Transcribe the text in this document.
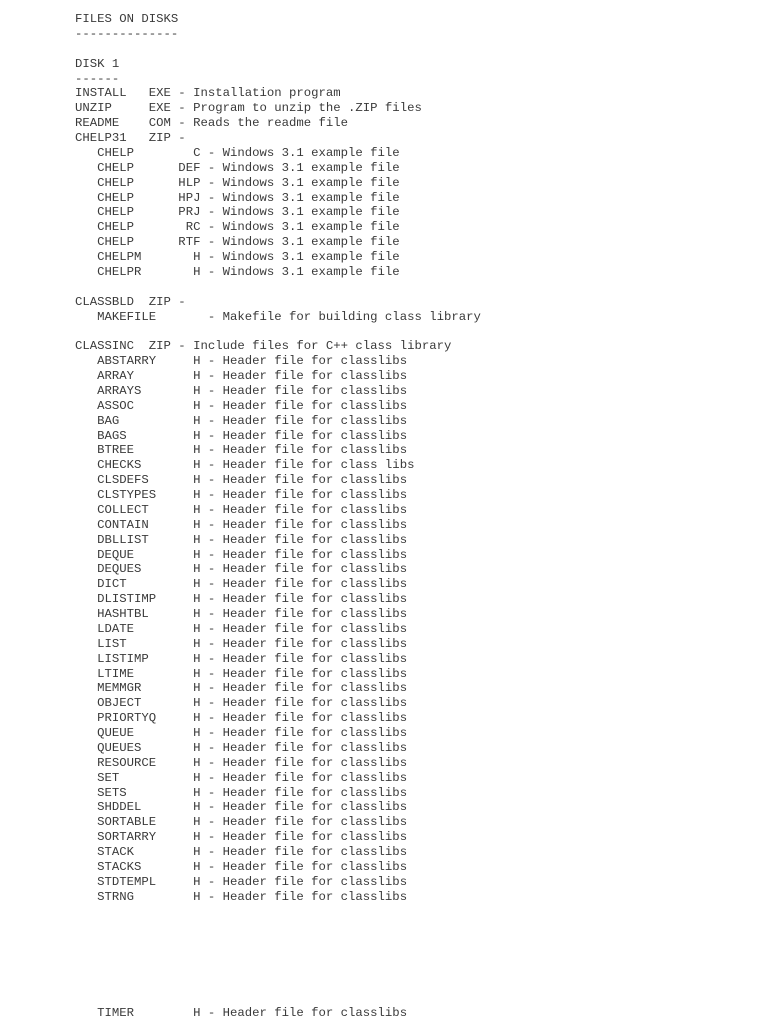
FILES ON DISKS
--------------
DISK 1
------
INSTALL   EXE - Installation program
UNZIP     EXE - Program to unzip the .ZIP files
README    COM - Reads the readme file
CHELP31   ZIP -
CHELP        C - Windows 3.1 example file
CHELP      DEF - Windows 3.1 example file
CHELP      HLP - Windows 3.1 example file
CHELP      HPJ - Windows 3.1 example file
CHELP      PRJ - Windows 3.1 example file
CHELP       RC - Windows 3.1 example file
CHELP      RTF - Windows 3.1 example file
CHELPM       H - Windows 3.1 example file
CHELPR       H - Windows 3.1 example file
CLASSBLD  ZIP -
MAKEFILE       - Makefile for building class library
CLASSINC  ZIP - Include files for C++ class library
ABSTARRY     H - Header file for classlibs
ARRAY        H - Header file for classlibs
ARRAYS       H - Header file for classlibs
ASSOC        H - Header file for classlibs
BAG          H - Header file for classlibs
BAGS         H - Header file for classlibs
BTREE        H - Header file for classlibs
CHECKS       H - Header file for class libs
CLSDEFS      H - Header file for classlibs
CLSTYPES     H - Header file for classlibs
COLLECT      H - Header file for classlibs
CONTAIN      H - Header file for classlibs
DBLLIST      H - Header file for classlibs
DEQUE        H - Header file for classlibs
DEQUES       H - Header file for classlibs
DICT         H - Header file for classlibs
DLISTIMP     H - Header file for classlibs
HASHTBL      H - Header file for classlibs
LDATE        H - Header file for classlibs
LIST         H - Header file for classlibs
LISTIMP      H - Header file for classlibs
LTIME        H - Header file for classlibs
MEMMGR       H - Header file for classlibs
OBJECT       H - Header file for classlibs
PRIORTYQ     H - Header file for classlibs
QUEUE        H - Header file for classlibs
QUEUES       H - Header file for classlibs
RESOURCE     H - Header file for classlibs
SET          H - Header file for classlibs
SETS         H - Header file for classlibs
SHDDEL       H - Header file for classlibs
SORTABLE     H - Header file for classlibs
SORTARRY     H - Header file for classlibs
STACK        H - Header file for classlibs
STACKS       H - Header file for classlibs
STDTEMPL     H - Header file for classlibs
STRNG        H - Header file for classlibs
TIMER        H - Header file for classlibs
